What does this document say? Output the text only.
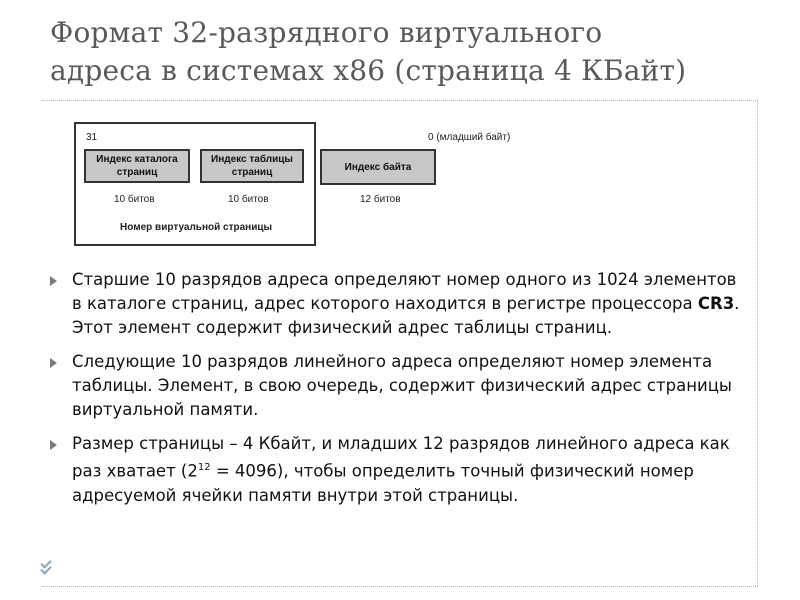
Формат 32-разрядного виртуального
адреса в системах x86 (страница 4 КБайт)
31	0 (младший байт)
Индекс каталога
страниц
Индекс таблицы
страниц	Индекс байта
10 битов	10 битов	12 битов
Номер виртуальной страницы
Старшие 10 разрядов адреса определяют номер одного из 1024 элементов в каталоге страниц, адрес которого находится в регистре процессора CR3. Этот элемент содержит физический адрес таблицы страниц.
Следующие 10 разрядов линейного адреса определяют номер элемента таблицы. Элемент, в свою очередь, содержит физический адрес страницы виртуальной памяти.
Размер страницы – 4 Кбайт, и младших 12 разрядов линейного адреса как раз хватает $(2^{12} = 4096)$, чтобы определить точный физический номер адресуемой ячейки памяти внутри этой страницы.
